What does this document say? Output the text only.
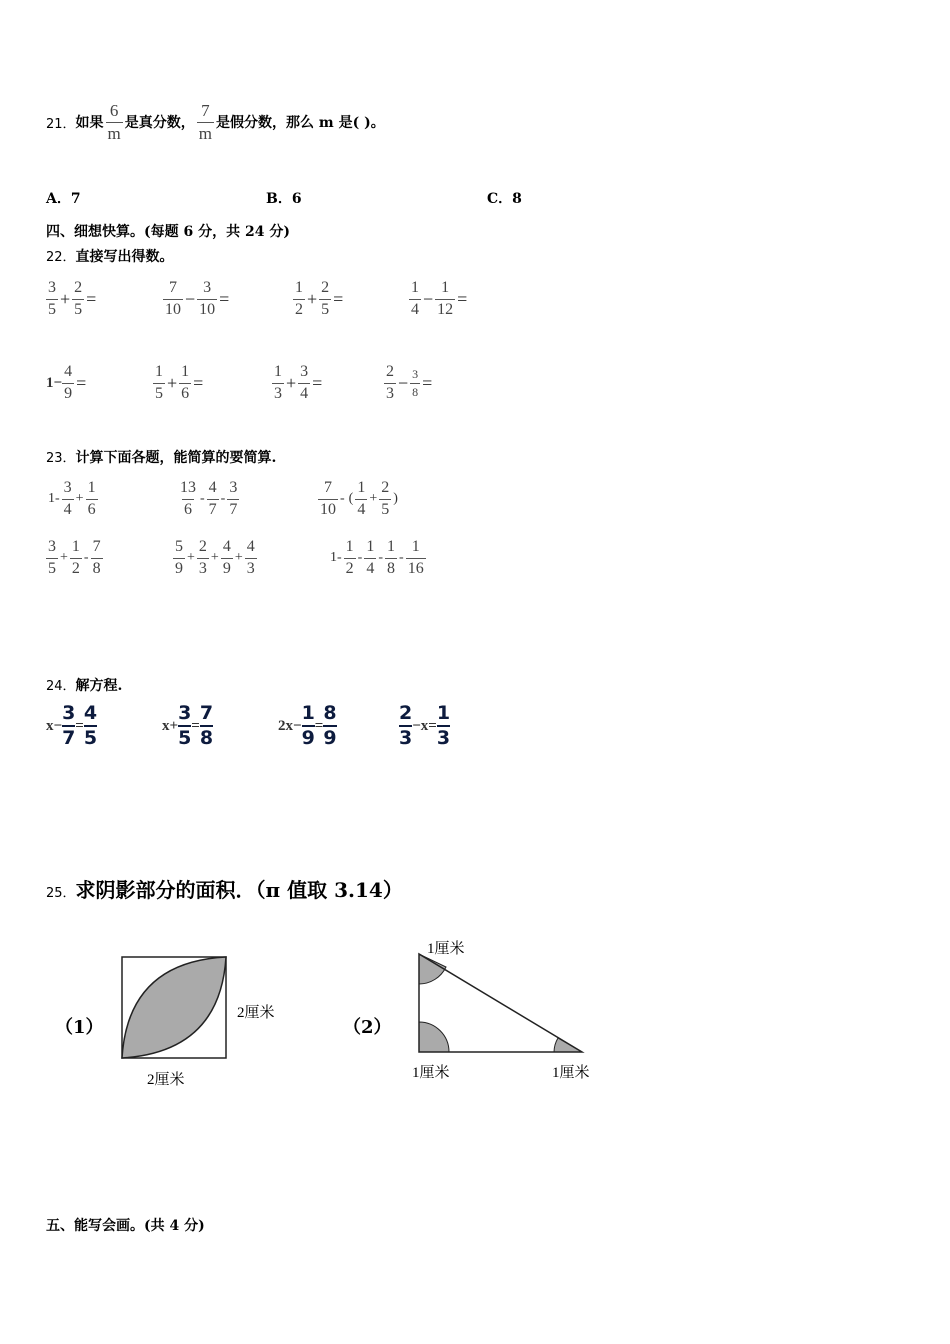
21． 如果 $\frac{6}{m}$ 是真分数， $\frac{7}{m}$ 是假分数，那么 m 是( )。
A．7	B．6	C．8
四、细想快算。(每题 6 分，共 24 分)
22．直接写出得数。
$\frac{3}{5} + \frac{2}{5}$ =	$\frac{7}{10} - \frac{3}{10}$ =	$\frac{1}{2} + \frac{2}{5}$ =	$\frac{1}{4} - \frac{1}{12}$ =
$1- \frac{4}{9}$ =	$\frac{1}{5} + \frac{1}{6}$ =	$\frac{1}{3} + \frac{3}{4}$ =	$\frac{2}{3} - \frac{3}{8}$ =
23．计算下面各题，能简算的要简算.
$1- \frac{3}{4} + \frac{1}{6}$	$\frac{13}{6} - \frac{4}{7} - \frac{3}{7}$	$\frac{7}{10}$ - ( $\frac{1}{4} + \frac{2}{5}$ )
$\frac{3}{5} + \frac{1}{2} - \frac{7}{8}$	$\frac{5}{9} + \frac{2}{3} + \frac{4}{9} + \frac{4}{3}$	$1- \frac{1}{2} - \frac{1}{4} - \frac{1}{8} - \frac{1}{16}$
24．解方程.
$x- \frac{3}{7} = \frac{4}{5}$	$x+ \frac{3}{5} = \frac{7}{8}$	$2x- \frac{1}{9} = \frac{8}{9}$	$\frac{2}{3} -x= \frac{1}{3}$
25． 求阴影部分的面积．（π 值取 3.14）
（1）
2厘米
2厘米
（2）
1厘米
1厘米	1厘米
五、能写会画。(共 4 分)
